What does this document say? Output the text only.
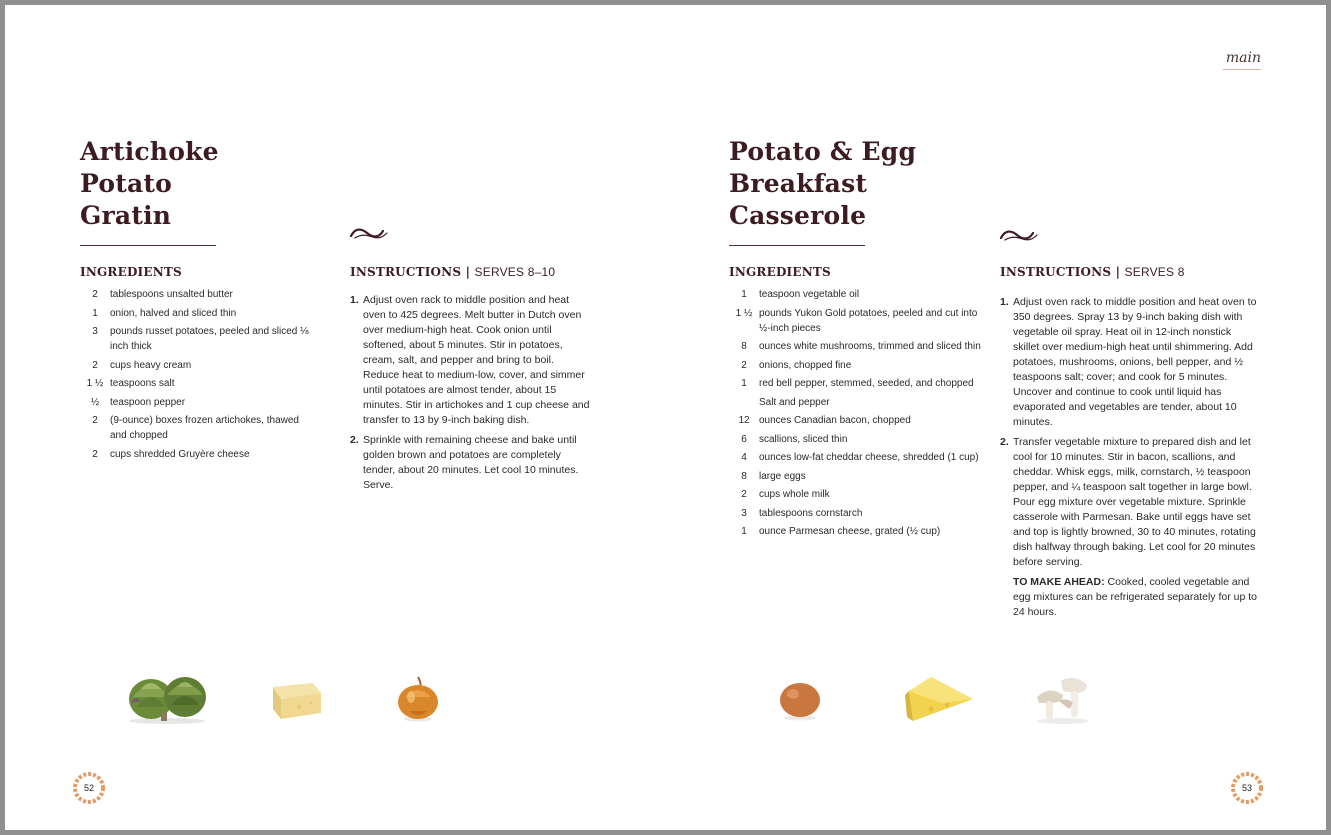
main
Artichoke
Potato
Gratin
INGREDIENTS
2	tablespoons unsalted butter
1	onion, halved and sliced thin
3	pounds russet potatoes, peeled and sliced ⅛ inch thick
2	cups heavy cream
1 ½ teaspoons salt
½	teaspoon pepper
2	(9-ounce) boxes frozen artichokes, thawed and chopped
2	cups shredded Gruyère cheese
INSTRUCTIONS | SERVES 8–10
1. Adjust oven rack to middle position and heat oven to 425 degrees. Melt butter in Dutch oven over medium-high heat. Cook onion until softened, about 5 minutes. Stir in potatoes, cream, salt, and pepper and bring to boil. Reduce heat to medium-low, cover, and simmer until potatoes are almost tender, about 15 minutes. Stir in artichokes and 1 cup cheese and transfer to 13 by 9-inch baking dish.
2. Sprinkle with remaining cheese and bake until golden brown and potatoes are completely tender, about 20 minutes. Let cool 10 minutes. Serve.
52
Potato & Egg
Breakfast
Casserole
INGREDIENTS
1	teaspoon vegetable oil
1 ½ pounds Yukon Gold potatoes, peeled and cut into ½-inch pieces
8	ounces white mushrooms, trimmed and sliced thin
2	onions, chopped fine
1	red bell pepper, stemmed, seeded, and chopped
Salt and pepper
12 ounces Canadian bacon, chopped
6	scallions, sliced thin
4	ounces low-fat cheddar cheese, shredded (1 cup)
8	large eggs
2	cups whole milk
3	tablespoons cornstarch
1	ounce Parmesan cheese, grated (½ cup)
INSTRUCTIONS | SERVES 8
1. Adjust oven rack to middle position and heat oven to 350 degrees. Spray 13 by 9-inch baking dish with vegetable oil spray. Heat oil in 12-inch nonstick skillet over medium-high heat until shimmering. Add potatoes, mushrooms, onions, bell pepper, and ½ teaspoons salt; cover; and cook for 5 minutes. Uncover and continue to cook until liquid has evaporated and vegetables are tender, about 10 minutes.
2. Transfer vegetable mixture to prepared dish and let cool for 10 minutes. Stir in bacon, scallions, and cheddar. Whisk eggs, milk, cornstarch, ½ teaspoon pepper, and ¼ teaspoon salt together in large bowl. Pour egg mixture over vegetable mixture. Sprinkle casserole with Parmesan. Bake until eggs have set and top is lightly browned, 30 to 40 minutes, rotating dish halfway through baking. Let cool for 20 minutes before serving.
TO MAKE AHEAD: Cooked, cooled vegetable and egg mixtures can be refrigerated separately for up to 24 hours.
53
